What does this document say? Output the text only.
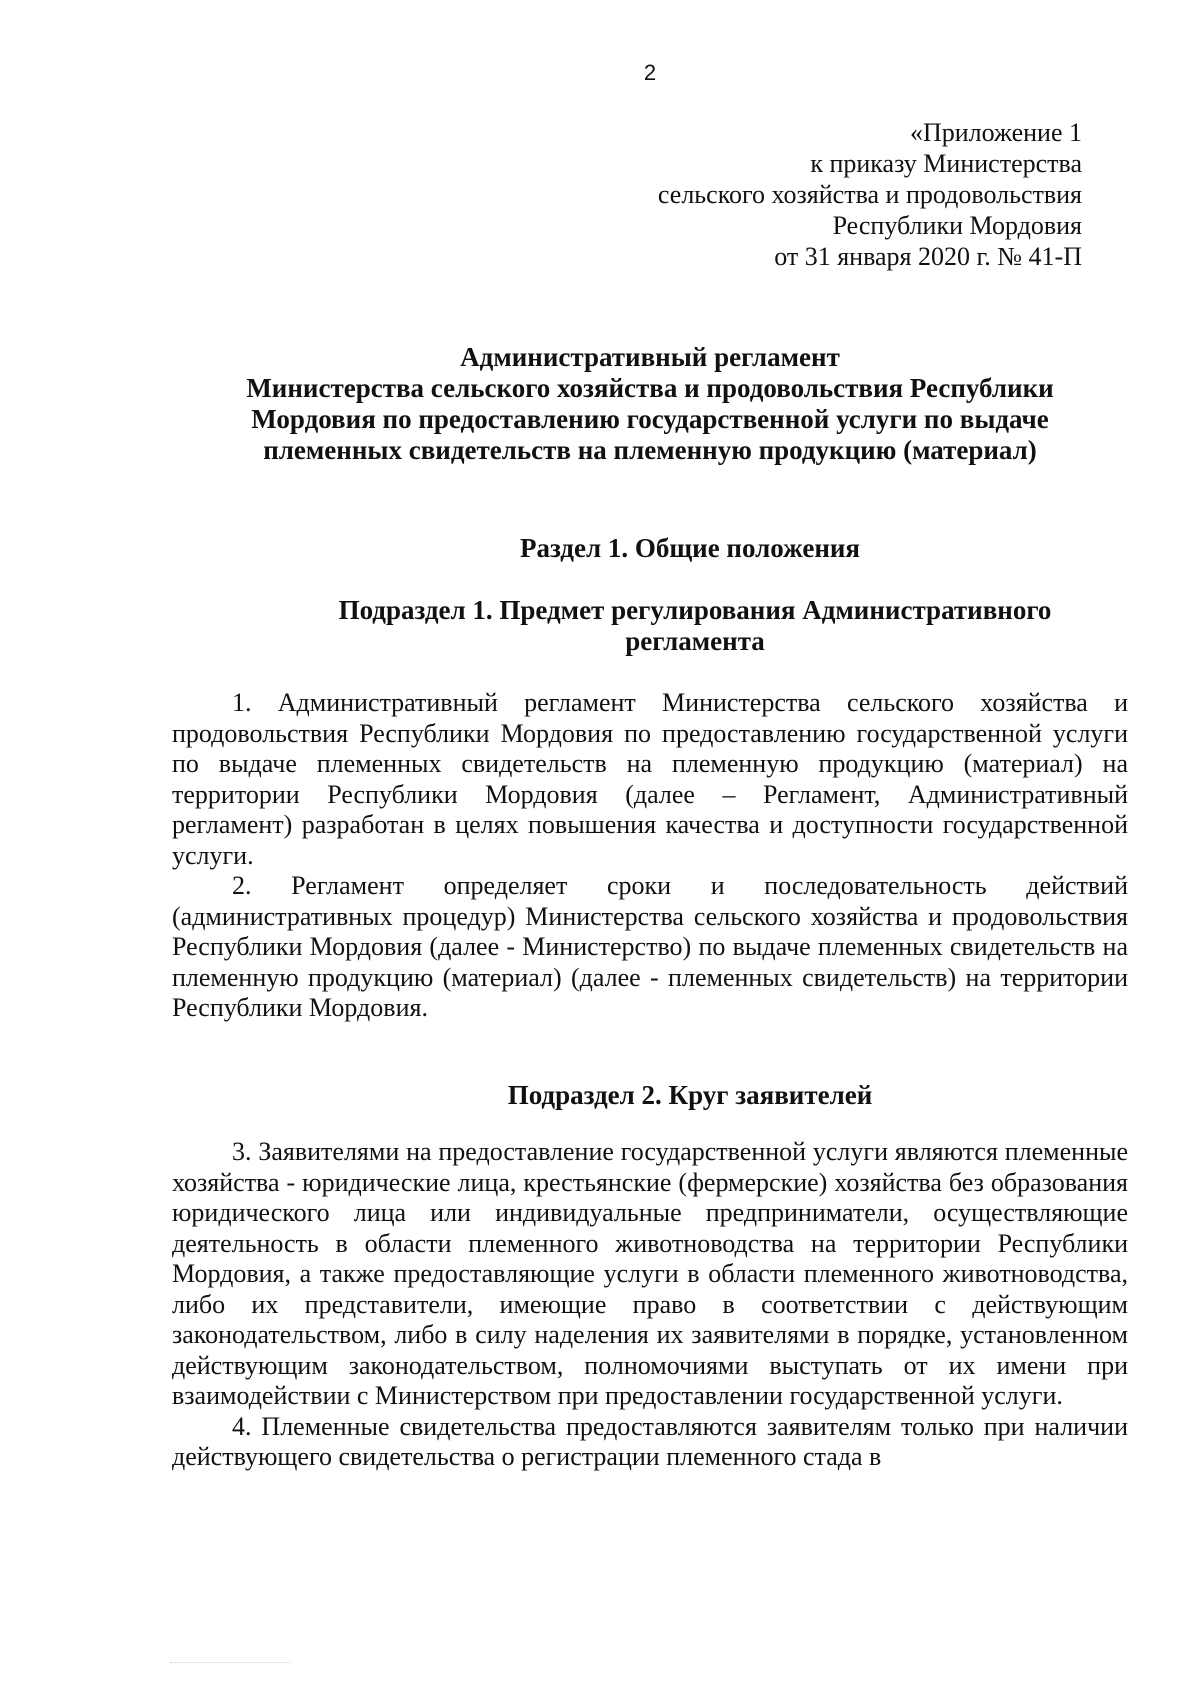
2
«Приложение 1
к приказу Министерства
сельского хозяйства и продовольствия
Республики Мордовия
от 31 января 2020 г. № 41-П
Административный регламент
Министерства сельского хозяйства и продовольствия Республики
Мордовия по предоставлению государственной услуги по выдаче
племенных свидетельств на племенную продукцию (материал)
Раздел 1. Общие положения
Подраздел 1. Предмет регулирования Административного
регламента

1. Административный регламент Министерства сельского хозяйства и продовольствия Республики Мордовия по предоставлению государственной услуги по выдаче племенных свидетельств на племенную продукцию (материал) на территории Республики Мордовия (далее – Регламент, Административный регламент) разработан в целях повышения качества и доступности государственной услуги.

2. Регламент определяет сроки и последовательность действий (административных процедур) Министерства сельского хозяйства и продовольствия Республики Мордовия (далее - Министерство) по выдаче племенных свидетельств на племенную продукцию (материал) (далее - племенных свидетельств) на территории Республики Мордовия.

Подраздел 2. Круг заявителей

3. Заявителями на предоставление государственной услуги являются племенные хозяйства - юридические лица, крестьянские (фермерские) хозяйства без образования юридического лица или индивидуальные предприниматели, осуществляющие деятельность в области племенного животноводства на территории Республики Мордовия, а также предоставляющие услуги в области племенного животноводства, либо их представители, имеющие право в соответствии с действующим законодательством, либо в силу наделения их заявителями в порядке, установленном действующим законодательством, полномочиями выступать от их имени при взаимодействии с Министерством при предоставлении государственной услуги.

4. Племенные свидетельства предоставляются заявителям только при наличии действующего свидетельства о регистрации племенного стада в
